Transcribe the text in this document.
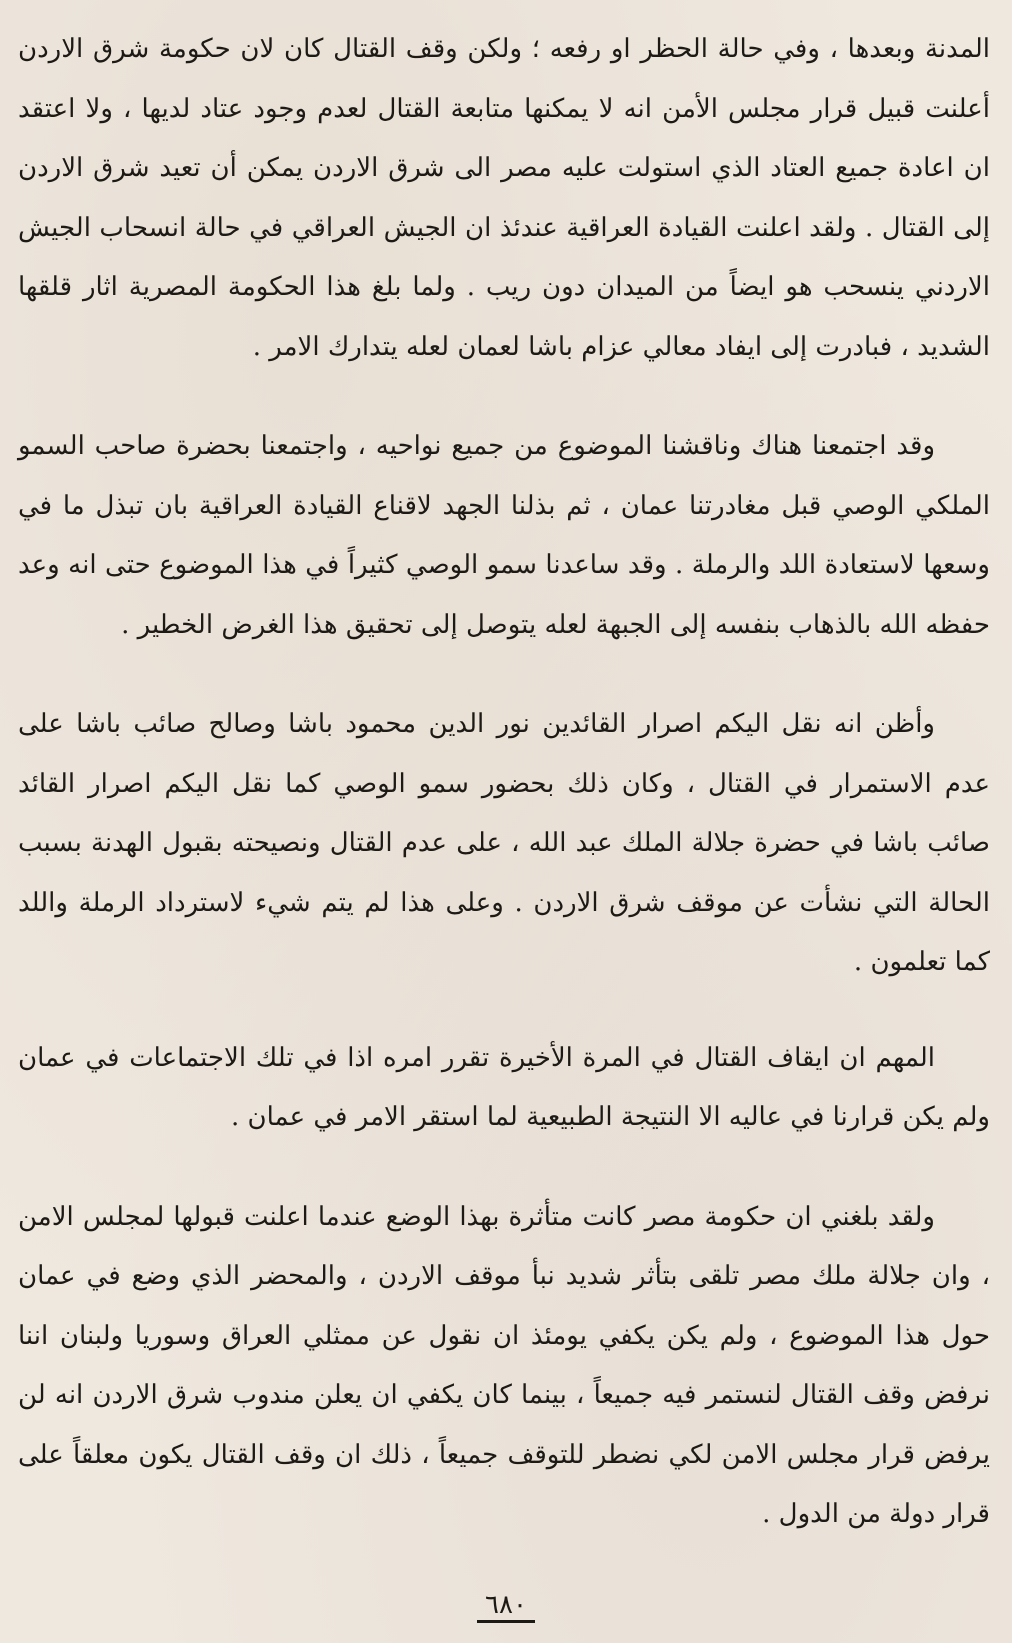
المدنة وبعدها ، وفي حالة الحظر او رفعه ؛ ولكن وقف القتال كان لان حكومة شرق الاردن أعلنت قبيل قرار مجلس الأمن انه لا يمكنها متابعة القتال لعدم وجود عتاد لديها ، ولا اعتقد ان اعادة جميع العتاد الذي استولت عليه مصر الى شرق الاردن يمكن أن تعيد شرق الاردن إلى القتال . ولقد اعلنت القيادة العراقية عندئذ ان الجيش العراقي في حالة انسحاب الجيش الاردني ينسحب هو ايضاً من الميدان دون ريب . ولما بلغ هذا الحكومة المصرية اثار قلقها الشديد ، فبادرت إلى ايفاد معالي عزام باشا لعمان لعله يتدارك الامر .

وقد اجتمعنا هناك وناقشنا الموضوع من جميع نواحيه ، واجتمعنا بحضرة صاحب السمو الملكي الوصي قبل مغادرتنا عمان ، ثم بذلنا الجهد لاقناع القيادة العراقية بان تبذل ما في وسعها لاستعادة اللد والرملة . وقد ساعدنا سمو الوصي كثيراً في هذا الموضوع حتى انه وعد حفظه الله بالذهاب بنفسه إلى الجبهة لعله يتوصل إلى تحقيق هذا الغرض الخطير .

وأظن انه نقل اليكم اصرار القائدين نور الدين محمود باشا وصالح صائب باشا على عدم الاستمرار في القتال ، وكان ذلك بحضور سمو الوصي كما نقل اليكم اصرار القائد صائب باشا في حضرة جلالة الملك عبد الله ، على عدم القتال ونصيحته بقبول الهدنة بسبب الحالة التي نشأت عن موقف شرق الاردن . وعلى هذا لم يتم شيء لاسترداد الرملة واللد كما تعلمون .

المهم ان ايقاف القتال في المرة الأخيرة تقرر امره اذا في تلك الاجتماعات في عمان ولم يكن قرارنا في عاليه الا النتيجة الطبيعية لما استقر الامر في عمان .

ولقد بلغني ان حكومة مصر كانت متأثرة بهذا الوضع عندما اعلنت قبولها لمجلس الامن ، وان جلالة ملك مصر تلقى بتأثر شديد نبأ موقف الاردن ، والمحضر الذي وضع في عمان حول هذا الموضوع ، ولم يكن يكفي يومئذ ان نقول عن ممثلي العراق وسوريا ولبنان اننا نرفض وقف القتال لنستمر فيه جميعاً ، بينما كان يكفي ان يعلن مندوب شرق الاردن انه لن يرفض قرار مجلس الامن لكي نضطر للتوقف جميعاً ، ذلك ان وقف القتال يكون معلقاً على قرار دولة من الدول .

٦٨٠
